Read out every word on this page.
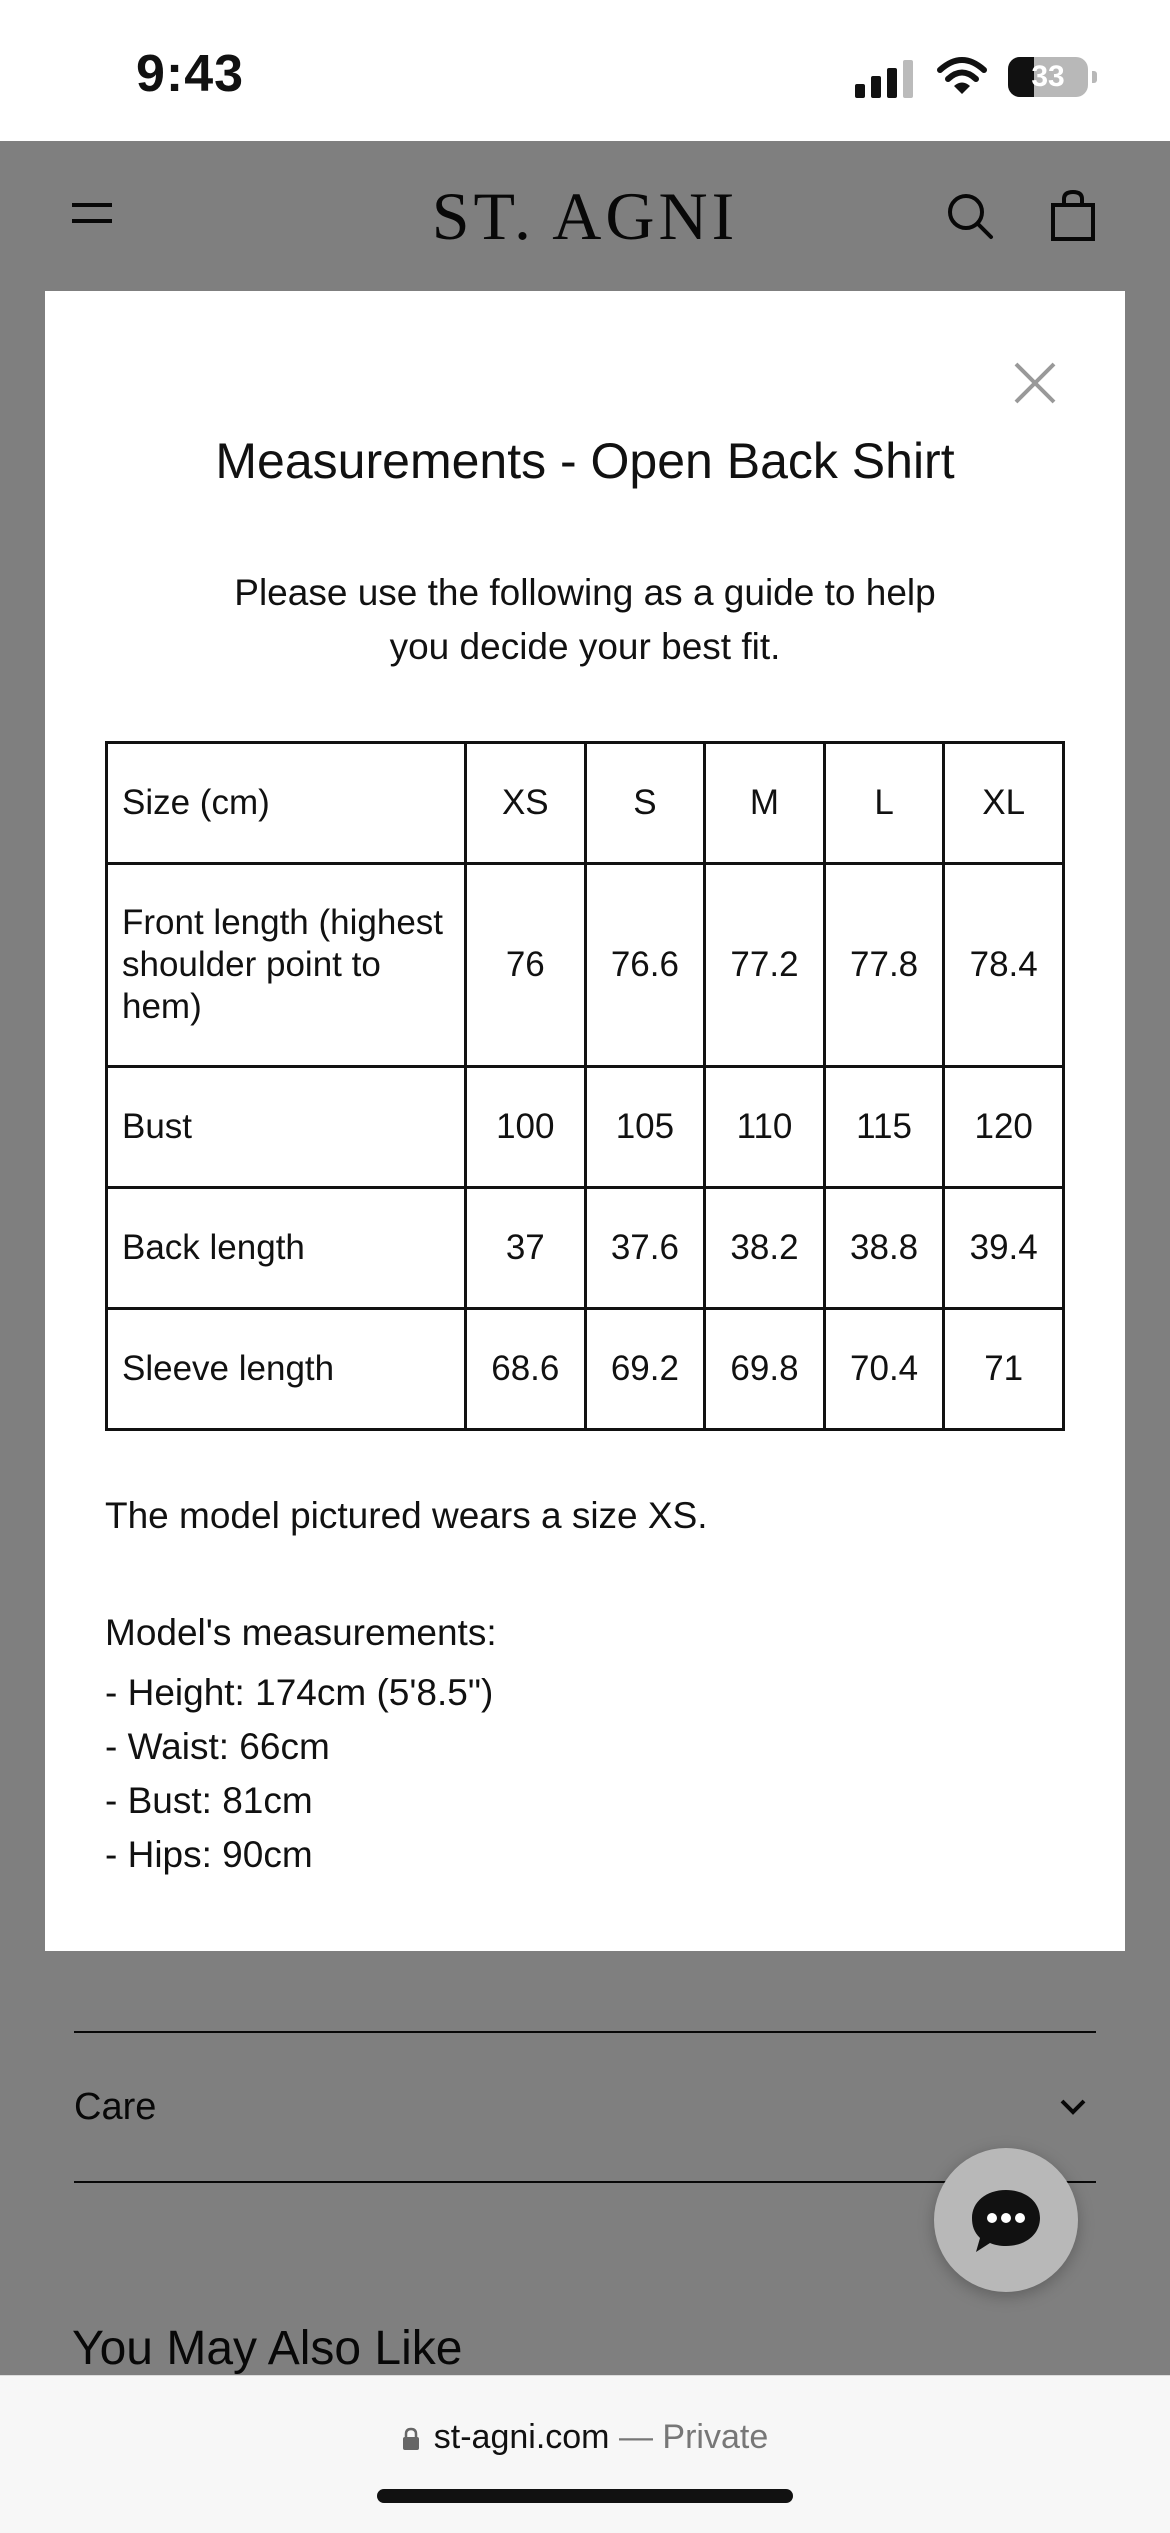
9:43	33
Measurements - Open Back Shirt
Please use the following as a guide to help you decide your best fit.
Size (cm)	XS	S	M	L	XL
Front length (highest shoulder point to hem)	76	76.6	77.2	77.8	78.4
Bust	100	105	110	115	120
Back length	37	37.6	38.2	38.8	39.4
Sleeve length	68.6	69.2	69.8	70.4	71
The model pictured wears a size XS.
Model's measurements:
- Height: 174cm (5'8.5")
- Waist: 66cm
- Bust: 81cm
- Hips: 90cm
st-agni.com — Private
